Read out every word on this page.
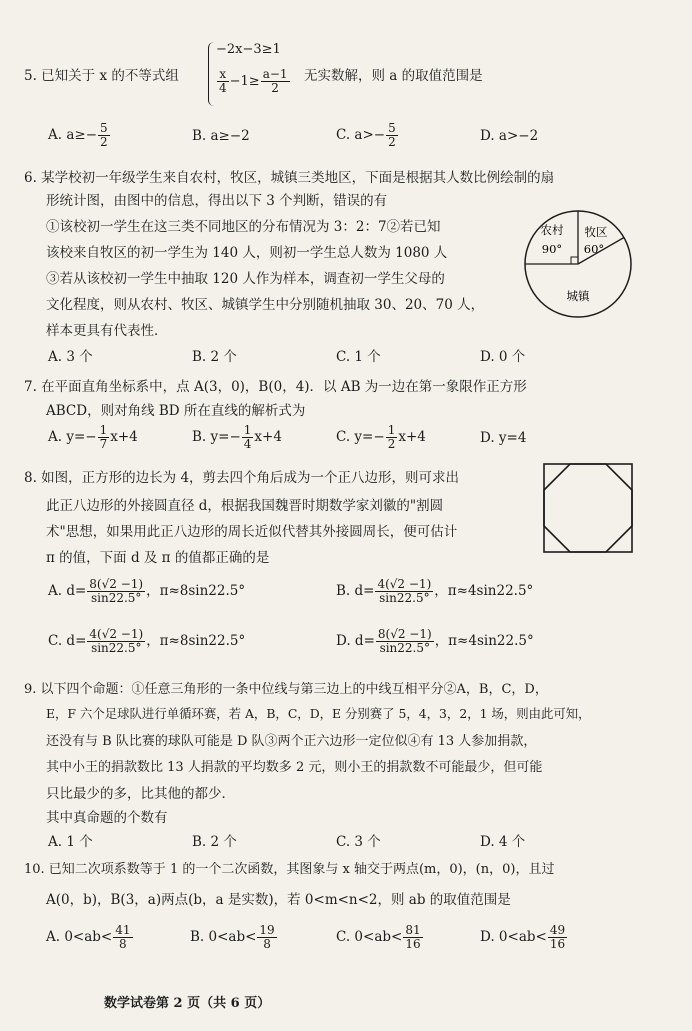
5. 已知关于 x 的不等式组
−2x−3≥1
$\frac{x}{4} -1\ge \frac{a-1}{2}$ 无实数解，则 a 的取值范围是
A. $a\ge- \frac{5}{2}$	B. a≥−2	C. $a>- \frac{5}{2}$	D. a>−2
6. 某学校初一年级学生来自农村，牧区，城镇三类地区，下面是根据其人数比例绘制的扇
形统计图，由图中的信息，得出以下 3 个判断，错误的有
①该校初一学生在这三类不同地区的分布情况为 3：2：7②若已知
该校来自牧区的初一学生为 140 人，则初一学生总人数为 1080 人
③若从该校初一学生中抽取 120 人作为样本，调查初一学生父母的
文化程度，则从农村、牧区、城镇学生中分别随机抽取 30、20、70 人，
样本更具有代表性．
农村
90°
牧区
60°
城镇
A. 3 个	B. 2 个	C. 1 个	D. 0 个
7. 在平面直角坐标系中，点 A(3，0)，B(0，4)．以 AB 为一边在第一象限作正方形
ABCD，则对角线 BD 所在直线的解析式为
A. $y=- \frac{1}{7} x+4$	B. $y=- \frac{1}{4} x+4$	C. $y=- \frac{1}{2} x+4$	D. y=4
8. 如图，正方形的边长为 4，剪去四个角后成为一个正八边形，则可求出
此正八边形的外接圆直径 d，根据我国魏晋时期数学家刘徽的"割圆
术"思想，如果用此正八边形的周长近似代替其外接圆周长，便可估计
π 的值，下面 d 及 π 的值都正确的是
A. $d= \frac{8(√2 -1)}{\sin 22.5^\circ}$ ，π≈8sin22.5°	B. $d= \frac{4(√2 -1)}{\sin 22.5^\circ}$ ，π≈4sin22.5°
C. $d= \frac{4(√2 -1)}{\sin 22.5^\circ}$ ，π≈8sin22.5°	D. $d= \frac{8(√2 -1)}{\sin 22.5^\circ}$ ，π≈4sin22.5°
9. 以下四个命题：①任意三角形的一条中位线与第三边上的中线互相平分②A，B，C，D，
E，F 六个足球队进行单循环赛，若 A，B，C，D，E 分别赛了 5，4，3，2，1 场，则由此可知，
还没有与 B 队比赛的球队可能是 D 队③两个正六边形一定位似④有 13 人参加捐款，
其中小王的捐款数比 13 人捐款的平均数多 2 元，则小王的捐款数不可能最少，但可能
只比最少的多，比其他的都少．
其中真命题的个数有
A. 1 个	B. 2 个	C. 3 个	D. 4 个
10. 已知二次项系数等于 1 的一个二次函数，其图象与 x 轴交于两点(m，0)，(n，0)，且过
A(0，b)，B(3，a)两点(b，a 是实数)，若 0<m<n<2，则 ab 的取值范围是
A. $0<ab< \frac{41}{8}$	B. $0<ab< \frac{19}{8}$	C. $0<ab< \frac{81}{16}$	D. $0<ab< \frac{49}{16}$
数学试卷第 2 页（共 6 页）
